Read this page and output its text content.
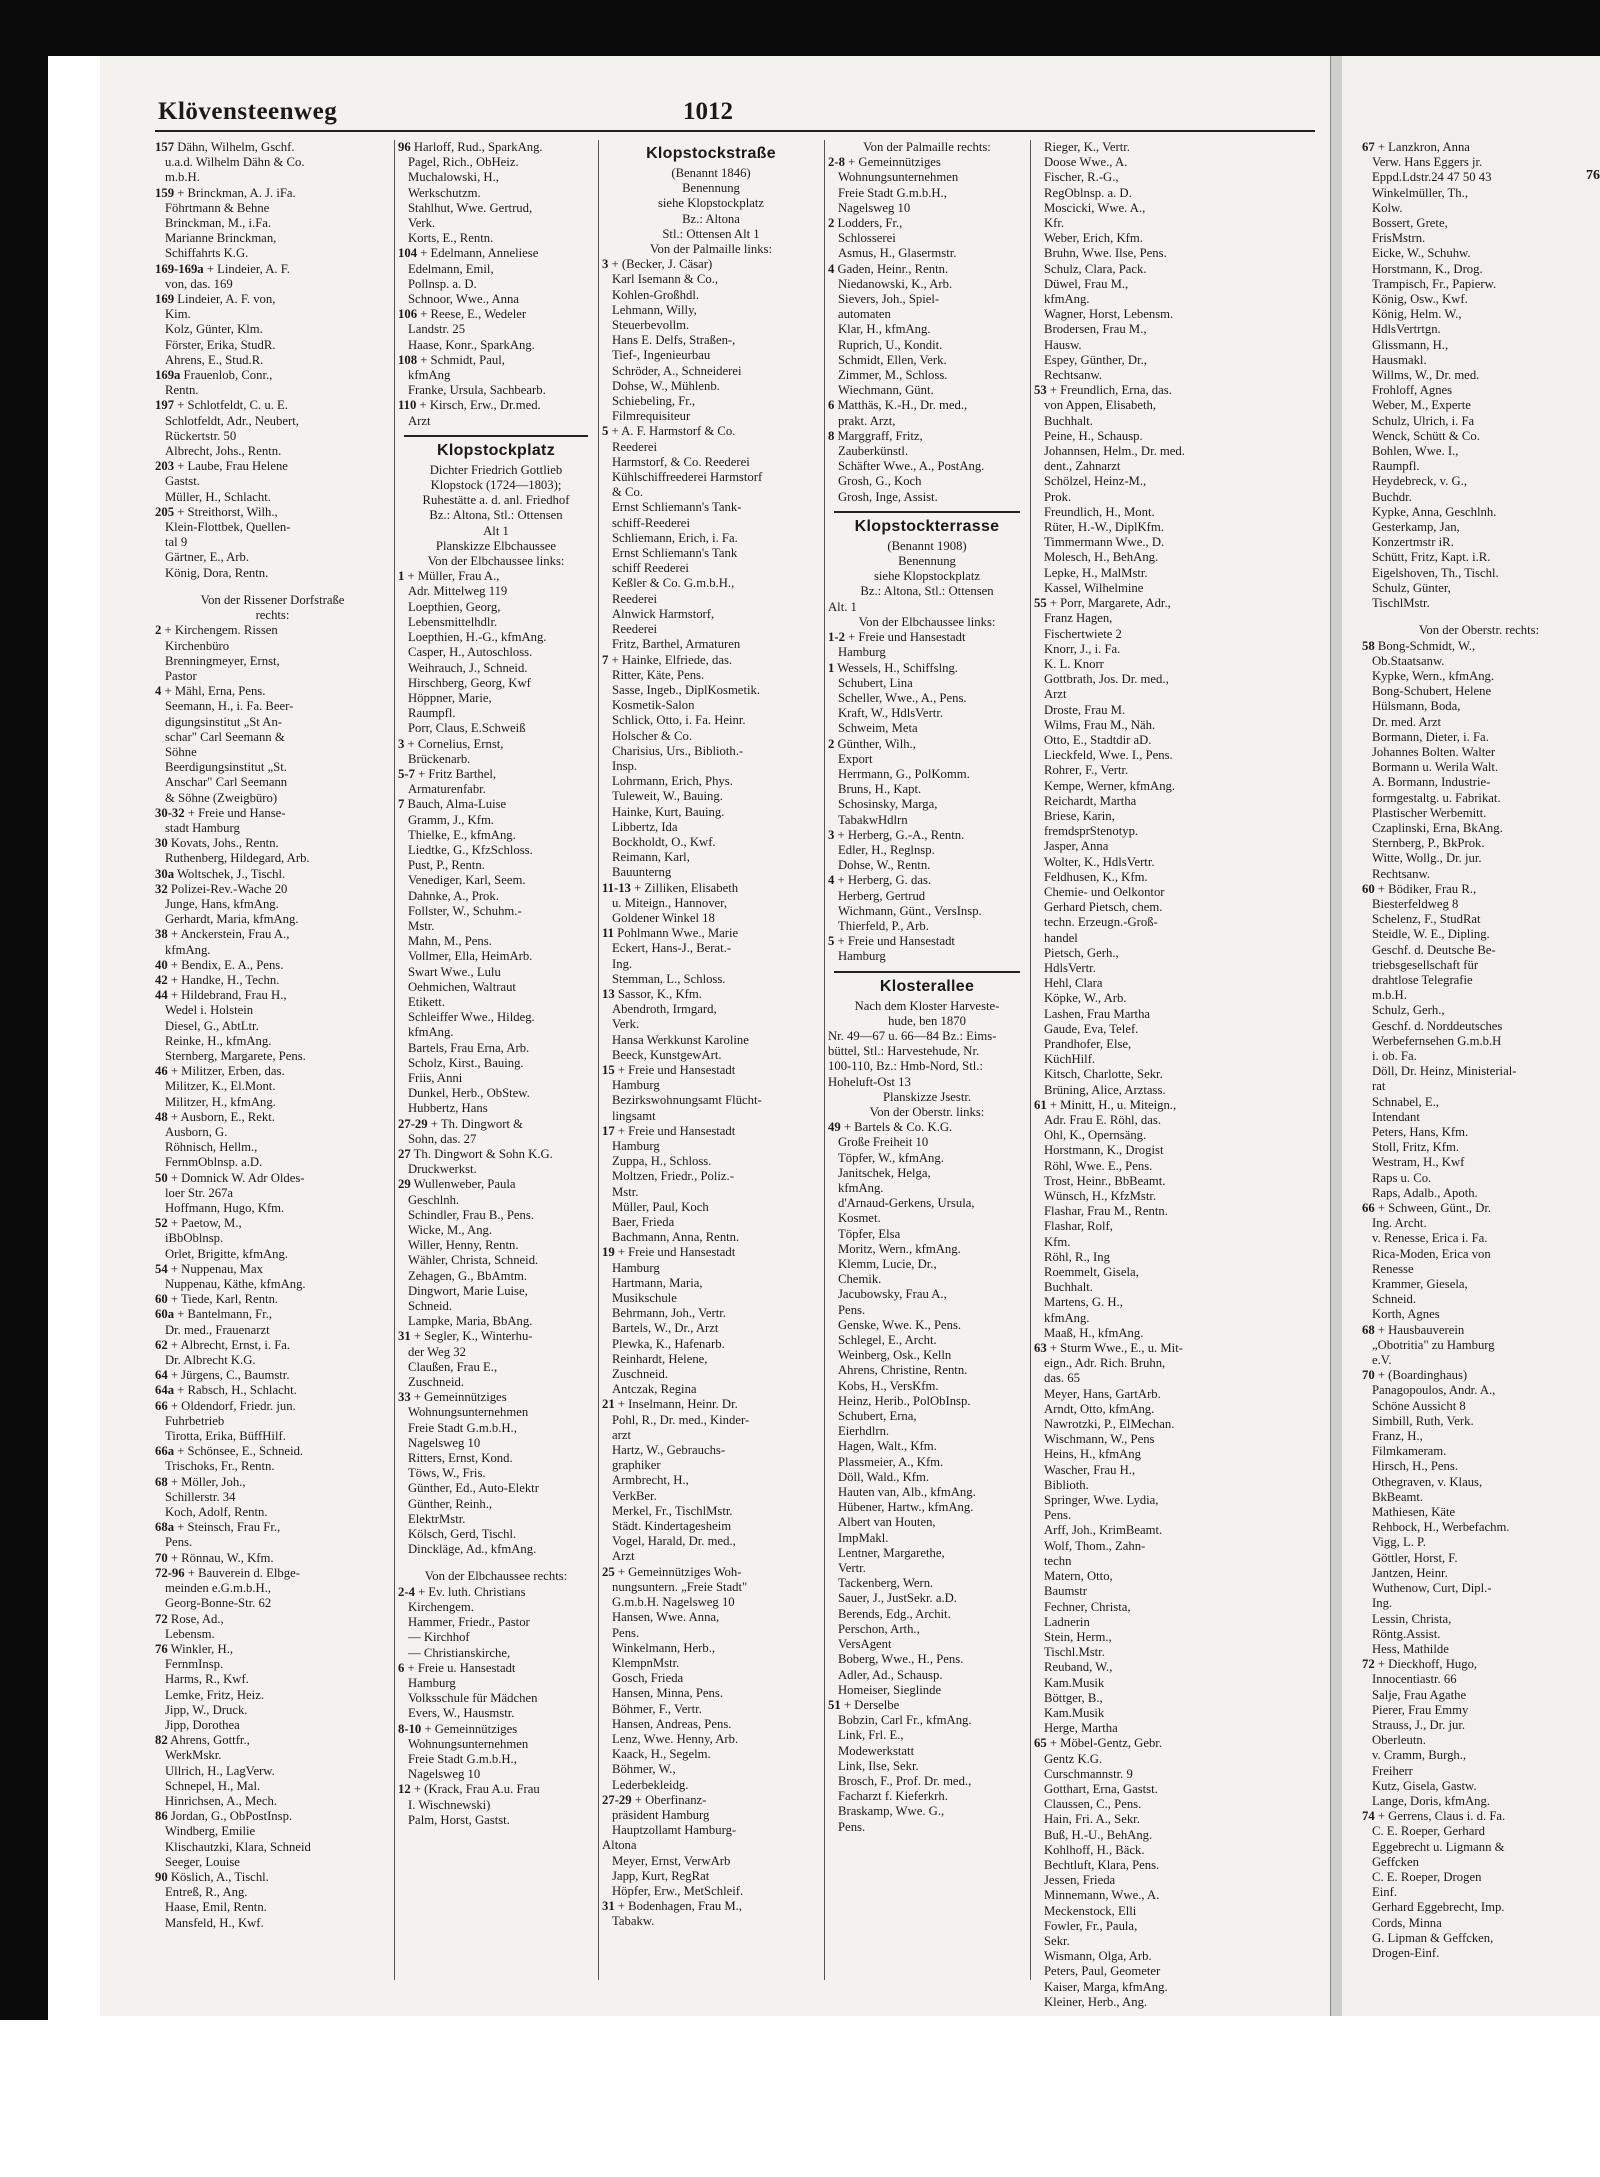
76
Klövensteenweg	1012
157 Dähn, Wilhelm, Gschf.
u.a.d. Wilhelm Dähn & Co.
m.b.H.
159 + Brinckman, A. J. iFa.
Föhrtmann & Behne
Brinckman, M., i.Fa.
Marianne Brinckman,
Schiffahrts K.G.
169-169a + Lindeier, A. F.
von, das. 169
169 Lindeier, A. F. von,
Kim.
Kolz, Günter, Klm.
Förster, Erika, StudR.
Ahrens, E., Stud.R.
169a Frauenlob, Conr.,
Rentn.
197 + Schlotfeldt, C. u. E.
Schlotfeldt, Adr., Neubert,
Rückertstr. 50
Albrecht, Johs., Rentn.
203 + Laube, Frau Helene
Gastst.
Müller, H., Schlacht.
205 + Streithorst, Wilh.,
Klein-Flottbek, Quellen-
tal 9
Gärtner, E., Arb.
König, Dora, Rentn.
Von der Rissener Dorfstraße
rechts:
2 + Kirchengem. Rissen
Kirchenbüro
Brenningmeyer, Ernst,
Pastor
4 + Mähl, Erna, Pens.
Seemann, H., i. Fa. Beer-
digungsinstitut „St An-
schar" Carl Seemann &
Söhne
Beerdigungsinstitut „St.
Anschar" Carl Seemann
& Söhne (Zweigbüro)
30-32 + Freie und Hanse-
stadt Hamburg
30 Kovats, Johs., Rentn.
Ruthenberg, Hildegard, Arb.
30a Woltschek, J., Tischl.
32 Polizei-Rev.-Wache 20
Junge, Hans, kfmAng.
Gerhardt, Maria, kfmAng.
38 + Anckerstein, Frau A.,
kfmAng.
40 + Bendix, E. A., Pens.
42 + Handke, H., Techn.
44 + Hildebrand, Frau H.,
Wedel i. Holstein
Diesel, G., AbtLtr.
Reinke, H., kfmAng.
Sternberg, Margarete, Pens.
46 + Militzer, Erben, das.
Militzer, K., El.Mont.
Militzer, H., kfmAng.
48 + Ausborn, E., Rekt.
Ausborn, G.
Röhnisch, Hellm.,
FernmOblnsp. a.D.
50 + Domnick W. Adr Oldes-
loer Str. 267a
Hoffmann, Hugo, Kfm.
52 + Paetow, M.,
iBbOblnsp.
Orlet, Brigitte, kfmAng.
54 + Nuppenau, Max
Nuppenau, Käthe, kfmAng.
60 + Tiede, Karl, Rentn.
60a + Bantelmann, Fr.,
Dr. med., Frauenarzt
62 + Albrecht, Ernst, i. Fa.
Dr. Albrecht K.G.
64 + Jürgens, C., Baumstr.
64a + Rabsch, H., Schlacht.
66 + Oldendorf, Friedr. jun.
Fuhrbetrieb
Tirotta, Erika, BüffHilf.
66a + Schönsee, E., Schneid.
Trischoks, Fr., Rentn.
68 + Möller, Joh.,
Schillerstr. 34
Koch, Adolf, Rentn.
68a + Steinsch, Frau Fr.,
Pens.
70 + Rönnau, W., Kfm.
72-96 + Bauverein d. Elbge-
meinden e.G.m.b.H.,
Georg-Bonne-Str. 62
72 Rose, Ad.,
Lebensm.
76 Winkler, H.,
FernmInsp.
Harms, R., Kwf.
Lemke, Fritz, Heiz.
Jipp, W., Druck.
Jipp, Dorothea
82 Ahrens, Gottfr.,
WerkMskr.
Ullrich, H., LagVerw.
Schnepel, H., Mal.
Hinrichsen, A., Mech.
86 Jordan, G., ObPostInsp.
Windberg, Emilie
Klischautzki, Klara, Schneid
Seeger, Louise
90 Köslich, A., Tischl.
Entreß, R., Ang.
Haase, Emil, Rentn.
Mansfeld, H., Kwf.
96 Harloff, Rud., SparkAng.
Pagel, Rich., ObHeiz.
Muchalowski, H.,
Werkschutzm.
Stahlhut, Wwe. Gertrud,
Verk.
Korts, E., Rentn.
104 + Edelmann, Anneliese
Edelmann, Emil,
Pollnsp. a. D.
Schnoor, Wwe., Anna
106 + Reese, E., Wedeler
Landstr. 25
Haase, Konr., SparkAng.
108 + Schmidt, Paul,
kfmAng
Franke, Ursula, Sachbearb.
110 + Kirsch, Erw., Dr.med.
Arzt
Klopstockplatz
Dichter Friedrich Gottlieb
Klopstock (1724—1803);
Ruhestätte a. d. anl. Friedhof
Bz.: Altona, Stl.: Ottensen
Alt 1
Planskizze Elbchaussee
Von der Elbchaussee links:
1 + Müller, Frau A.,
Adr. Mittelweg 119
Loepthien, Georg,
Lebensmittelhdlr.
Loepthien, H.-G., kfmAng.
Casper, H., Autoschloss.
Weihrauch, J., Schneid.
Hirschberg, Georg, Kwf
Höppner, Marie,
Raumpfl.
Porr, Claus, E.Schweiß
3 + Cornelius, Ernst,
Brückenarb.
5-7 + Fritz Barthel,
Armaturenfabr.
7 Bauch, Alma-Luise
Gramm, J., Kfm.
Thielke, E., kfmAng.
Liedtke, G., KfzSchloss.
Pust, P., Rentn.
Venediger, Karl, Seem.
Dahnke, A., Prok.
Follster, W., Schuhm.-
Mstr.
Mahn, M., Pens.
Vollmer, Ella, HeimArb.
Swart Wwe., Lulu
Oehmichen, Waltraut
Etikett.
Schleiffer Wwe., Hildeg.
kfmAng.
Bartels, Frau Erna, Arb.
Scholz, Kirst., Bauing.
Friis, Anni
Dunkel, Herb., ObStew.
Hubbertz, Hans
27-29 + Th. Dingwort &
Sohn, das. 27
27 Th. Dingwort & Sohn K.G.
Druckwerkst.
29 Wullenweber, Paula
Geschlnh.
Schindler, Frau B., Pens.
Wicke, M., Ang.
Willer, Henny, Rentn.
Wähler, Christa, Schneid.
Zehagen, G., BbAmtm.
Dingwort, Marie Luise,
Schneid.
Lampke, Maria, BbAng.
31 + Segler, K., Winterhu-
der Weg 32
Claußen, Frau E.,
Zuschneid.
33 + Gemeinnütziges
Wohnungsunternehmen
Freie Stadt G.m.b.H.,
Nagelsweg 10
Ritters, Ernst, Kond.
Töws, W., Fris.
Günther, Ed., Auto-Elektr
Günther, Reinh.,
ElektrMstr.
Kölsch, Gerd, Tischl.
Dinckläge, Ad., kfmAng.
Von der Elbchaussee rechts:
2-4 + Ev. luth. Christians
Kirchengem.
Hammer, Friedr., Pastor
— Kirchhof
— Christianskirche,
6 + Freie u. Hansestadt
Hamburg
Volksschule für Mädchen
Evers, W., Hausmstr.
8-10 + Gemeinnütziges
Wohnungsunternehmen
Freie Stadt G.m.b.H.,
Nagelsweg 10
12 + (Krack, Frau A.u. Frau
I. Wischnewski)
Palm, Horst, Gastst.
Klopstockstraße
(Benannt 1846)
Benennung
siehe Klopstockplatz
Bz.: Altona
Stl.: Ottensen Alt 1
Von der Palmaille links:
3 + (Becker, J. Cäsar)
Karl Isemann & Co.,
Kohlen-Großhdl.
Lehmann, Willy,
Steuerbevollm.
Hans E. Delfs, Straßen-,
Tief-, Ingenieurbau
Schröder, A., Schneiderei
Dohse, W., Mühlenb.
Schiebeling, Fr.,
Filmrequisiteur
5 + A. F. Harmstorf & Co.
Reederei
Harmstorf, & Co. Reederei
Kühlschiffreederei Harmstorf
& Co.
Ernst Schliemann's Tank-
schiff-Reederei
Schliemann, Erich, i. Fa.
Ernst Schliemann's Tank
schiff Reederei
Keßler & Co. G.m.b.H.,
Reederei
Alnwick Harmstorf,
Reederei
Fritz, Barthel, Armaturen
7 + Hainke, Elfriede, das.
Ritter, Käte, Pens.
Sasse, Ingeb., DiplKosmetik.
Kosmetik-Salon
Schlick, Otto, i. Fa. Heinr.
Holscher & Co.
Charisius, Urs., Biblioth.-
Insp.
Lohrmann, Erich, Phys.
Tuleweit, W., Bauing.
Hainke, Kurt, Bauing.
Libbertz, Ida
Bockholdt, O., Kwf.
Reimann, Karl,
Bauunterng
11-13 + Zilliken, Elisabeth
u. Miteign., Hannover,
Goldener Winkel 18
11 Pohlmann Wwe., Marie
Eckert, Hans-J., Berat.-
Ing.
Stemman, L., Schloss.
13 Sassor, K., Kfm.
Abendroth, Irmgard,
Verk.
Hansa Werkkunst Karoline
Beeck, KunstgewArt.
15 + Freie und Hansestadt
Hamburg
Bezirkswohnungsamt Flücht-
lingsamt
17 + Freie und Hansestadt
Hamburg
Zuppa, H., Schloss.
Moltzen, Friedr., Poliz.-
Mstr.
Müller, Paul, Koch
Baer, Frieda
Bachmann, Anna, Rentn.
19 + Freie und Hansestadt
Hamburg
Hartmann, Maria,
Musikschule
Behrmann, Joh., Vertr.
Bartels, W., Dr., Arzt
Plewka, K., Hafenarb.
Reinhardt, Helene,
Zuschneid.
Antczak, Regina
21 + Inselmann, Heinr. Dr.
Pohl, R., Dr. med., Kinder-
arzt
Hartz, W., Gebrauchs-
graphiker
Armbrecht, H.,
VerkBer.
Merkel, Fr., TischlMstr.
Städt. Kindertagesheim
Vogel, Harald, Dr. med.,
Arzt
25 + Gemeinnütziges Woh-
nungsuntern. „Freie Stadt"
G.m.b.H. Nagelsweg 10
Hansen, Wwe. Anna,
Pens.
Winkelmann, Herb.,
KlempnMstr.
Gosch, Frieda
Hansen, Minna, Pens.
Böhmer, F., Vertr.
Hansen, Andreas, Pens.
Lenz, Wwe. Henny, Arb.
Kaack, H., Segelm.
Böhmer, W.,
Lederbekleidg.
27-29 + Oberfinanz-
präsident Hamburg
Hauptzollamt Hamburg-
Altona
Meyer, Ernst, VerwArb
Japp, Kurt, RegRat
Höpfer, Erw., MetSchleif.
31 + Bodenhagen, Frau M.,
Tabakw.
Von der Palmaille rechts:
2-8 + Gemeinnütziges
Wohnungsunternehmen
Freie Stadt G.m.b.H.,
Nagelsweg 10
2 Lodders, Fr.,
Schlosserei
Asmus, H., Glasermstr.
4 Gaden, Heinr., Rentn.
Niedanowski, K., Arb.
Sievers, Joh., Spiel-
automaten
Klar, H., kfmAng.
Ruprich, U., Kondit.
Schmidt, Ellen, Verk.
Zimmer, M., Schloss.
Wiechmann, Günt.
6 Matthäs, K.-H., Dr. med.,
prakt. Arzt,
8 Marggraff, Fritz,
Zauberkünstl.
Schäfter Wwe., A., PostAng.
Grosh, G., Koch
Grosh, Inge, Assist.
Klopstockterrasse
(Benannt 1908)
Benennung
siehe Klopstockplatz
Bz.: Altona, Stl.: Ottensen
Alt. 1
Von der Elbchaussee links:
1-2 + Freie und Hansestadt
Hamburg
1 Wessels, H., Schiffslng.
Schubert, Lina
Scheller, Wwe., A., Pens.
Kraft, W., HdlsVertr.
Schweim, Meta
2 Günther, Wilh.,
Export
Herrmann, G., PolKomm.
Bruns, H., Kapt.
Schosinsky, Marga,
TabakwHdlrn
3 + Herberg, G.-A., Rentn.
Edler, H., Reglnsp.
Dohse, W., Rentn.
4 + Herberg, G. das.
Herberg, Gertrud
Wichmann, Günt., VersInsp.
Thierfeld, P., Arb.
5 + Freie und Hansestadt
Hamburg
Klosterallee
Nach dem Kloster Harveste-
hude, ben 1870
Nr. 49—67 u. 66—84 Bz.: Eims-
büttel, Stl.: Harvestehude, Nr.
100-110, Bz.: Hmb-Nord, Stl.:
Hoheluft-Ost 13
Planskizze Jsestr.
Von der Oberstr. links:
49 + Bartels & Co. K.G.
Große Freiheit 10
Töpfer, W., kfmAng.
Janitschek, Helga,
kfmAng.
d'Arnaud-Gerkens, Ursula,
Kosmet.
Töpfer, Elsa
Moritz, Wern., kfmAng.
Klemm, Lucie, Dr.,
Chemik.
Jacubowsky, Frau A.,
Pens.
Genske, Wwe. K., Pens.
Schlegel, E., Archt.
Weinberg, Osk., Kelln
Ahrens, Christine, Rentn.
Kobs, H., VersKfm.
Heinz, Herib., PolObInsp.
Schubert, Erna,
Eierhdlrn.
Hagen, Walt., Kfm.
Plassmeier, A., Kfm.
Döll, Wald., Kfm.
Hauten van, Alb., kfmAng.
Hübener, Hartw., kfmAng.
Albert van Houten,
ImpMakl.
Lentner, Margarethe,
Vertr.
Tackenberg, Wern.
Sauer, J., JustSekr. a.D.
Berends, Edg., Archit.
Perschon, Arth.,
VersAgent
Boberg, Wwe., H., Pens.
Adler, Ad., Schausp.
Homeiser, Sieglinde
51 + Derselbe
Bobzin, Carl Fr., kfmAng.
Link, Frl. E.,
Modewerkstatt
Link, Ilse, Sekr.
Brosch, F., Prof. Dr. med.,
Facharzt f. Kieferkrh.
Braskamp, Wwe. G.,
Pens.
Rieger, K., Vertr.
Doose Wwe., A.
Fischer, R.-G.,
RegOblnsp. a. D.
Moscicki, Wwe. A.,
Kfr.
Weber, Erich, Kfm.
Bruhn, Wwe. Ilse, Pens.
Schulz, Clara, Pack.
Düwel, Frau M.,
kfmAng.
Wagner, Horst, Lebensm.
Brodersen, Frau M.,
Hausw.
Espey, Günther, Dr.,
Rechtsanw.
53 + Freundlich, Erna, das.
von Appen, Elisabeth,
Buchhalt.
Peine, H., Schausp.
Johannsen, Helm., Dr. med.
dent., Zahnarzt
Schölzel, Heinz-M.,
Prok.
Freundlich, H., Mont.
Rüter, H.-W., DiplKfm.
Timmermann Wwe., D.
Molesch, H., BehAng.
Lepke, H., MalMstr.
Kassel, Wilhelmine
55 + Porr, Margarete, Adr.,
Franz Hagen,
Fischertwiete 2
Knorr, J., i. Fa.
K. L. Knorr
Gottbrath, Jos. Dr. med.,
Arzt
Droste, Frau M.
Wilms, Frau M., Näh.
Otto, E., Stadtdir aD.
Lieckfeld, Wwe. I., Pens.
Rohrer, F., Vertr.
Kempe, Werner, kfmAng.
Reichardt, Martha
Briese, Karin,
fremdsprStenotyp.
Jasper, Anna
Wolter, K., HdlsVertr.
Feldhusen, K., Kfm.
Chemie- und Oelkontor
Gerhard Pietsch, chem.
techn. Erzeugn.-Groß-
handel
Pietsch, Gerh.,
HdlsVertr.
Hehl, Clara
Köpke, W., Arb.
Lashen, Frau Martha
Gaude, Eva, Telef.
Prandhofer, Else,
KüchHilf.
Kitsch, Charlotte, Sekr.
Brüning, Alice, Arztass.
61 + Minitt, H., u. Miteign.,
Adr. Frau E. Röhl, das.
Ohl, K., Opernsäng.
Horstmann, K., Drogist
Röhl, Wwe. E., Pens.
Trost, Heinr., BbBeamt.
Wünsch, H., KfzMstr.
Flashar, Frau M., Rentn.
Flashar, Rolf,
Kfm.
Röhl, R., Ing
Roemmelt, Gisela,
Buchhalt.
Martens, G. H.,
kfmAng.
Maaß, H., kfmAng.
63 + Sturm Wwe., E., u. Mit-
eign., Adr. Rich. Bruhn,
das. 65
Meyer, Hans, GartArb.
Arndt, Otto, kfmAng.
Nawrotzki, P., ElMechan.
Wischmann, W., Pens
Heins, H., kfmAng
Wascher, Frau H.,
Biblioth.
Springer, Wwe. Lydia,
Pens.
Arff, Joh., KrimBeamt.
Wolf, Thom., Zahn-
techn
Matern, Otto,
Baumstr
Fechner, Christa,
Ladnerin
Stein, Herm.,
Tischl.Mstr.
Reuband, W.,
Kam.Musik
Böttger, B.,
Kam.Musik
Herge, Martha
65 + Möbel-Gentz, Gebr.
Gentz K.G.
Curschmannstr. 9
Gotthart, Erna, Gastst.
Claussen, C., Pens.
Hain, Fri. A., Sekr.
Buß, H.-U., BehAng.
Kohlhoff, H., Bäck.
Bechtluft, Klara, Pens.
Jessen, Frieda
Minnemann, Wwe., A.
Meckenstock, Elli
Fowler, Fr., Paula,
Sekr.
Wismann, Olga, Arb.
Peters, Paul, Geometer
Kaiser, Marga, kfmAng.
Kleiner, Herb., Ang.
67 + Lanzkron, Anna
Verw. Hans Eggers jr.
Eppd.Ldstr.24 47 50 43
Winkelmüller, Th.,
Kolw.
Bossert, Grete,
FrisMstrn.
Eicke, W., Schuhw.
Horstmann, K., Drog.
Trampisch, Fr., Papierw.
König, Osw., Kwf.
König, Helm. W.,
HdlsVertrtgn.
Glissmann, H.,
Hausmakl.
Willms, W., Dr. med.
Frohloff, Agnes
Weber, M., Experte
Schulz, Ulrich, i. Fa
Wenck, Schütt & Co.
Bohlen, Wwe. I.,
Raumpfl.
Heydebreck, v. G.,
Buchdr.
Kypke, Anna, Geschlnh.
Gesterkamp, Jan,
Konzertmstr iR.
Schütt, Fritz, Kapt. i.R.
Eigelshoven, Th., Tischl.
Schulz, Günter,
TischlMstr.
Von der Oberstr. rechts:
58 Bong-Schmidt, W.,
Ob.Staatsanw.
Kypke, Wern., kfmAng.
Bong-Schubert, Helene
Hülsmann, Boda,
Dr. med. Arzt
Bormann, Dieter, i. Fa.
Johannes Bolten. Walter
Bormann u. Werila Walt.
A. Bormann, Industrie-
formgestaltg. u. Fabrikat.
Plastischer Werbemitt.
Czaplinski, Erna, BkAng.
Sternberg, P., BkProk.
Witte, Wollg., Dr. jur.
Rechtsanw.
60 + Bödiker, Frau R.,
Biesterfeldweg 8
Schelenz, F., StudRat
Steidle, W. E., Dipling.
Geschf. d. Deutsche Be-
triebsgesellschaft für
drahtlose Telegrafie
m.b.H.
Schulz, Gerh.,
Geschf. d. Norddeutsches
Werbefernsehen G.m.b.H
i. ob. Fa.
Döll, Dr. Heinz, Ministerial-
rat
Schnabel, E.,
Intendant
Peters, Hans, Kfm.
Stoll, Fritz, Kfm.
Westram, H., Kwf
Raps u. Co.
Raps, Adalb., Apoth.
66 + Schween, Günt., Dr.
Ing. Archt.
v. Renesse, Erica i. Fa.
Rica-Moden, Erica von
Renesse
Krammer, Giesela,
Schneid.
Korth, Agnes
68 + Hausbauverein
„Obotritia" zu Hamburg
e.V.
70 + (Boardinghaus)
Panagopoulos, Andr. A.,
Schöne Aussicht 8
Simbill, Ruth, Verk.
Franz, H.,
Filmkameram.
Hirsch, H., Pens.
Othegraven, v. Klaus,
BkBeamt.
Mathiesen, Käte
Rehbock, H., Werbefachm.
Vigg, L. P.
Göttler, Horst, F.
Jantzen, Heinr.
Wuthenow, Curt, Dipl.-
Ing.
Lessin, Christa,
Röntg.Assist.
Hess, Mathilde
72 + Dieckhoff, Hugo,
Innocentiastr. 66
Salje, Frau Agathe
Pierer, Frau Emmy
Strauss, J., Dr. jur.
Oberleutn.
v. Cramm, Burgh.,
Freiherr
Kutz, Gisela, Gastw.
Lange, Doris, kfmAng.
74 + Gerrens, Claus i. d. Fa.
C. E. Roeper, Gerhard
Eggebrecht u. Ligmann &
Geffcken
C. E. Roeper, Drogen
Einf.
Gerhard Eggebrecht, Imp.
Cords, Minna
G. Lipman & Geffcken,
Drogen-Einf.
